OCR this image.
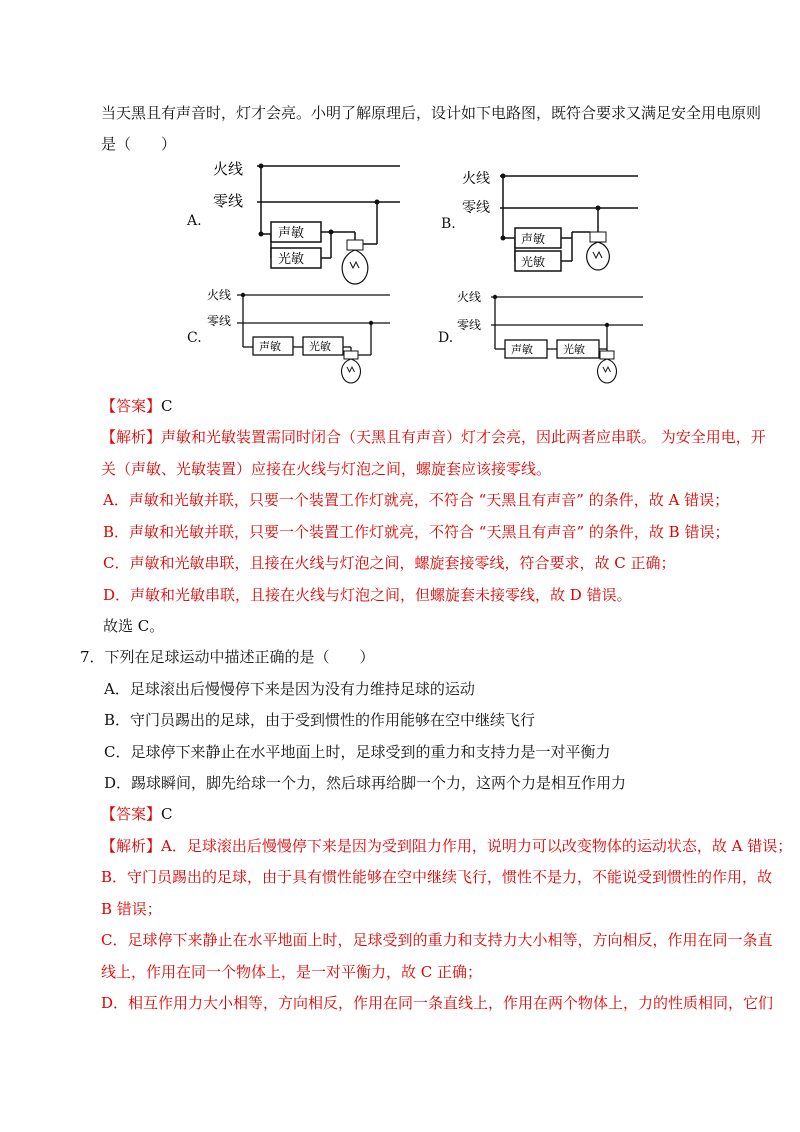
当天黑且有声音时，灯才会亮。小明了解原理后，设计如下电路图，既符合要求又满足安全用电原则
是（　　）
A.
火线
零线
声敏
光敏
B.
火线
零线
声敏
光敏
C.
火线
零线
声敏	光敏
D.
火线
零线
声敏	光敏
【答案】C
【解析】声敏和光敏装置需同时闭合（天黑且有声音）灯才会亮，因此两者应串联。 为安全用电，开
关（声敏、光敏装置）应接在火线与灯泡之间，螺旋套应该接零线。
A．声敏和光敏并联，只要一个装置工作灯就亮，不符合 “天黑且有声音” 的条件，故 A 错误；
B．声敏和光敏并联，只要一个装置工作灯就亮，不符合 “天黑且有声音” 的条件，故 B 错误；
C．声敏和光敏串联，且接在火线与灯泡之间，螺旋套接零线，符合要求，故 C 正确；
D．声敏和光敏串联，且接在火线与灯泡之间，但螺旋套未接零线，故 D 错误。
故选 C。
7．下列在足球运动中描述正确的是（　　）
A．足球滚出后慢慢停下来是因为没有力维持足球的运动
B．守门员踢出的足球，由于受到惯性的作用能够在空中继续飞行
C．足球停下来静止在水平地面上时，足球受到的重力和支持力是一对平衡力
D．踢球瞬间，脚先给球一个力，然后球再给脚一个力，这两个力是相互作用力
【答案】C
【解析】A．足球滚出后慢慢停下来是因为受到阻力作用，说明力可以改变物体的运动状态，故 A 错误；
B．守门员踢出的足球，由于具有惯性能够在空中继续飞行，惯性不是力，不能说受到惯性的作用，故
B 错误；
C．足球停下来静止在水平地面上时，足球受到的重力和支持力大小相等，方向相反，作用在同一条直
线上，作用在同一个物体上，是一对平衡力，故 C 正确；
D．相互作用力大小相等，方向相反，作用在同一条直线上，作用在两个物体上，力的性质相同，它们
